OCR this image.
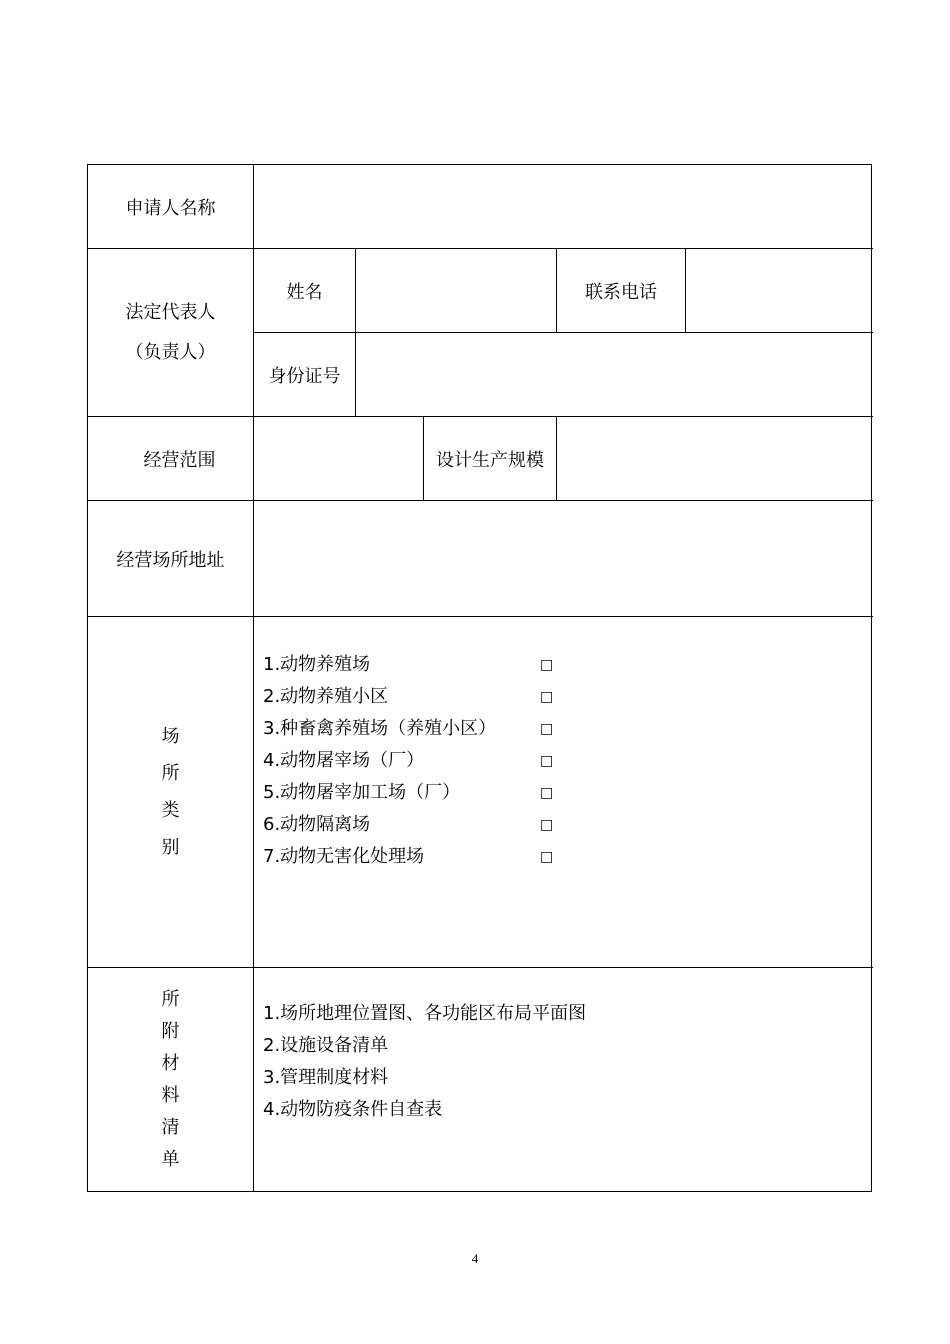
申请人名称
法定代表人
（负责人）
姓名	联系电话
身份证号
经营范围	设计生产规模
经营场所地址
场
所
类
别
1.动物养殖场	□
2.动物养殖小区	□
3.种畜禽养殖场（养殖小区）	□
4.动物屠宰场（厂）	□
5.动物屠宰加工场（厂）	□
6.动物隔离场	□
7.动物无害化处理场	□
所
附
材
料
清
单
1.场所地理位置图、各功能区布局平面图
2.设施设备清单
3.管理制度材料
4.动物防疫条件自查表
4
